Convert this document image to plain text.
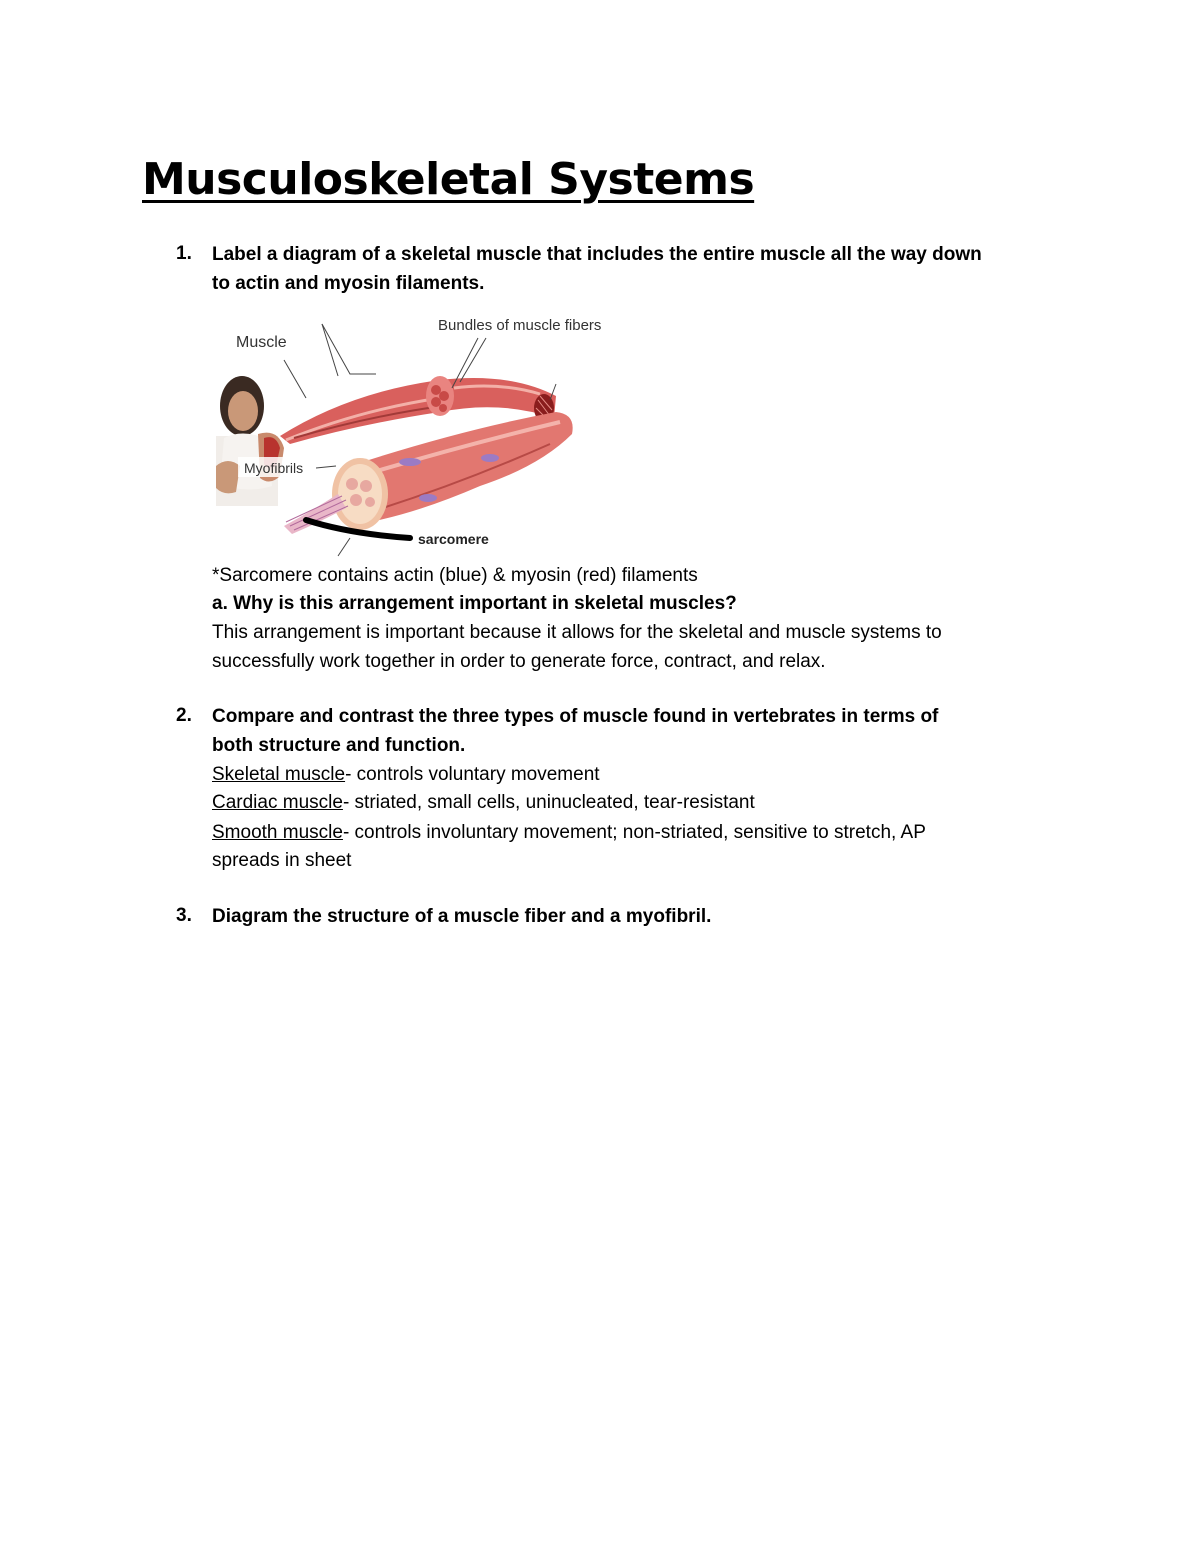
Musculoskeletal Systems
1. Label a diagram of a skeletal muscle that includes the entire muscle all the way down
to actin and myosin filaments.
Bundles of muscle fibers
Muscle
Myofibrils
sarcomere
*Sarcomere contains actin (blue) & myosin (red) filaments
a. Why is this arrangement important in skeletal muscles?
This arrangement is important because it allows for the skeletal and muscle systems to
successfully work together in order to generate force, contract, and relax.
2. Compare and contrast the three types of muscle found in vertebrates in terms of
both structure and function.
Skeletal muscle- controls voluntary movement
Cardiac muscle- striated, small cells, uninucleated, tear-resistant
Smooth muscle- controls involuntary movement; non-striated, sensitive to stretch, AP
spreads in sheet
3. Diagram the structure of a muscle fiber and a myofibril.
